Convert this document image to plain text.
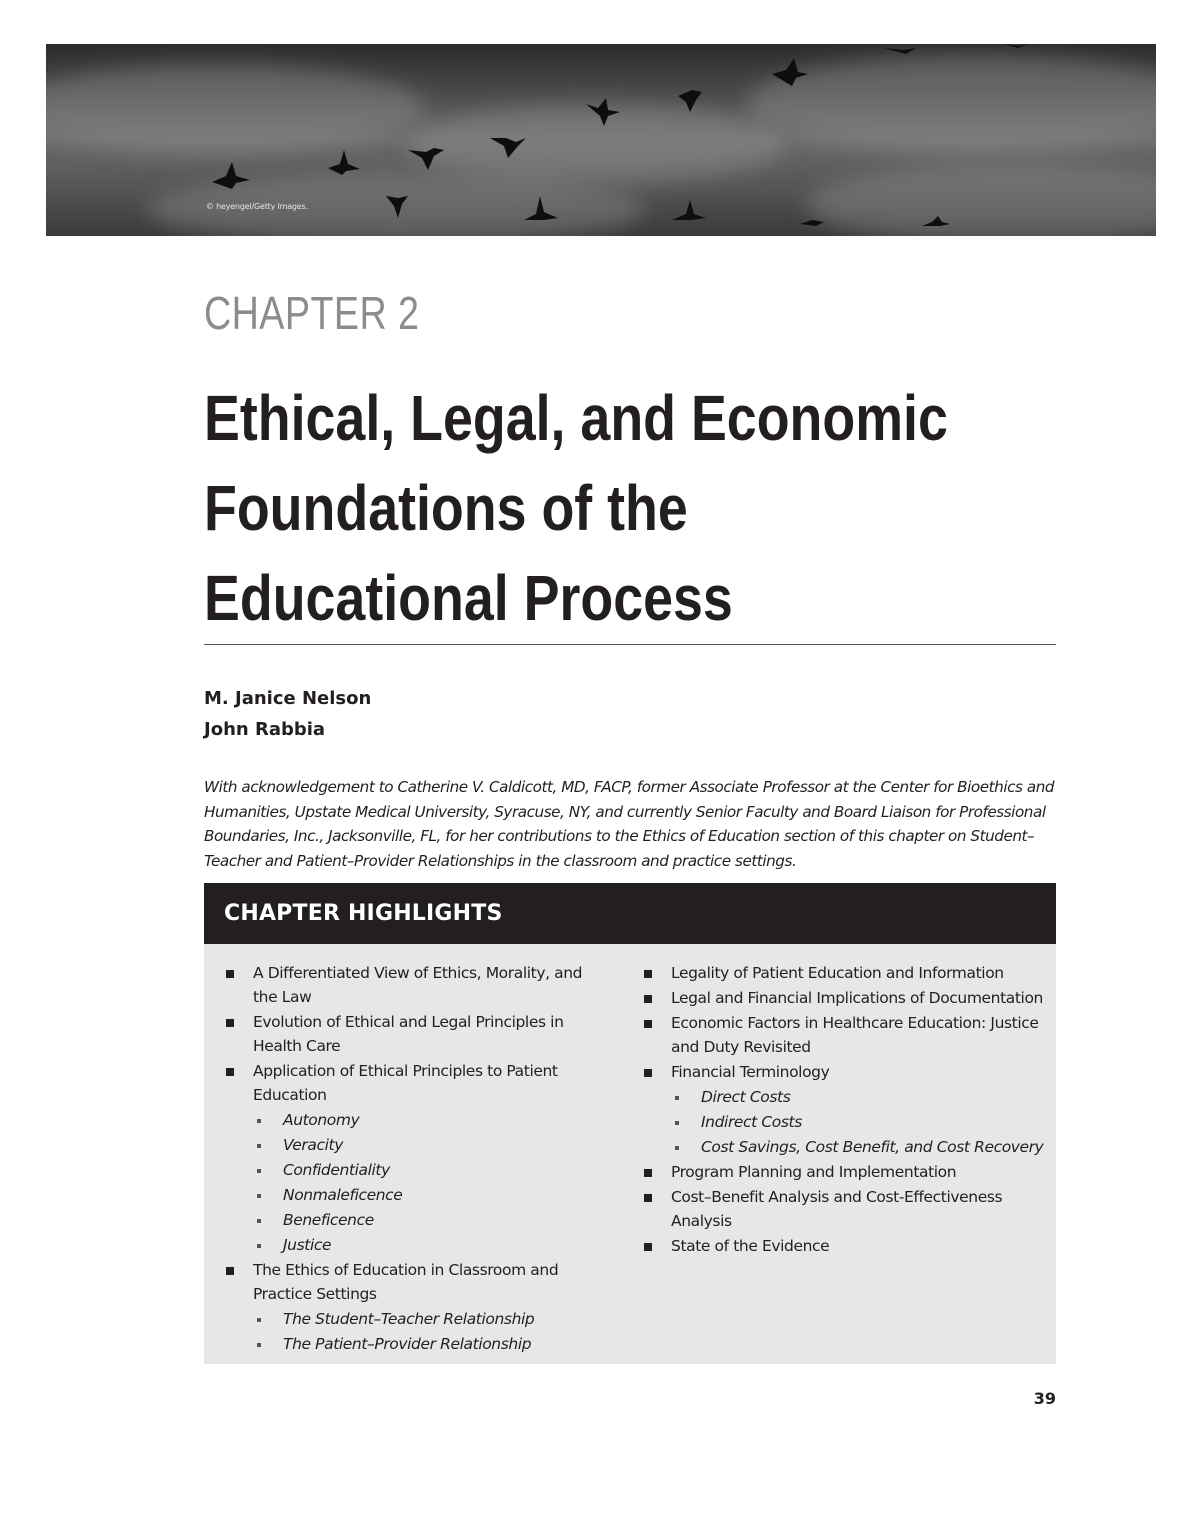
© heyengel/Getty Images.
CHAPTER 2
Ethical, Legal, and Economic
Foundations of the
Educational Process
M. Janice Nelson
John Rabbia

With acknowledgement to Catherine V. Caldicott, MD, FACP, former Associate Professor at the Center for Bioethics and Humanities, Upstate Medical University, Syracuse, NY, and currently Senior Faculty and Board Liaison for Professional Boundaries, Inc., Jacksonville, FL, for her contributions to the Ethics of Education section of this chapter on Student–Teacher and Patient–Provider Relationships in the classroom and practice settings.

CHAPTER HIGHLIGHTS
A Differentiated View of Ethics, Morality, and the Law
Evolution of Ethical and Legal Principles in Health Care
Application of Ethical Principles to Patient Education
Autonomy
Veracity
Confidentiality
Nonmaleficence
Beneficence
Justice
The Ethics of Education in Classroom and Practice Settings
The Student–Teacher Relationship
The Patient–Provider Relationship
Legality of Patient Education and Information
Legal and Financial Implications of Documentation
Economic Factors in Healthcare Education: Justice and Duty Revisited
Financial Terminology
Direct Costs
Indirect Costs
Cost Savings, Cost Benefit, and Cost Recovery
Program Planning and Implementation
Cost–Benefit Analysis and Cost-Effectiveness Analysis
State of the Evidence
39
